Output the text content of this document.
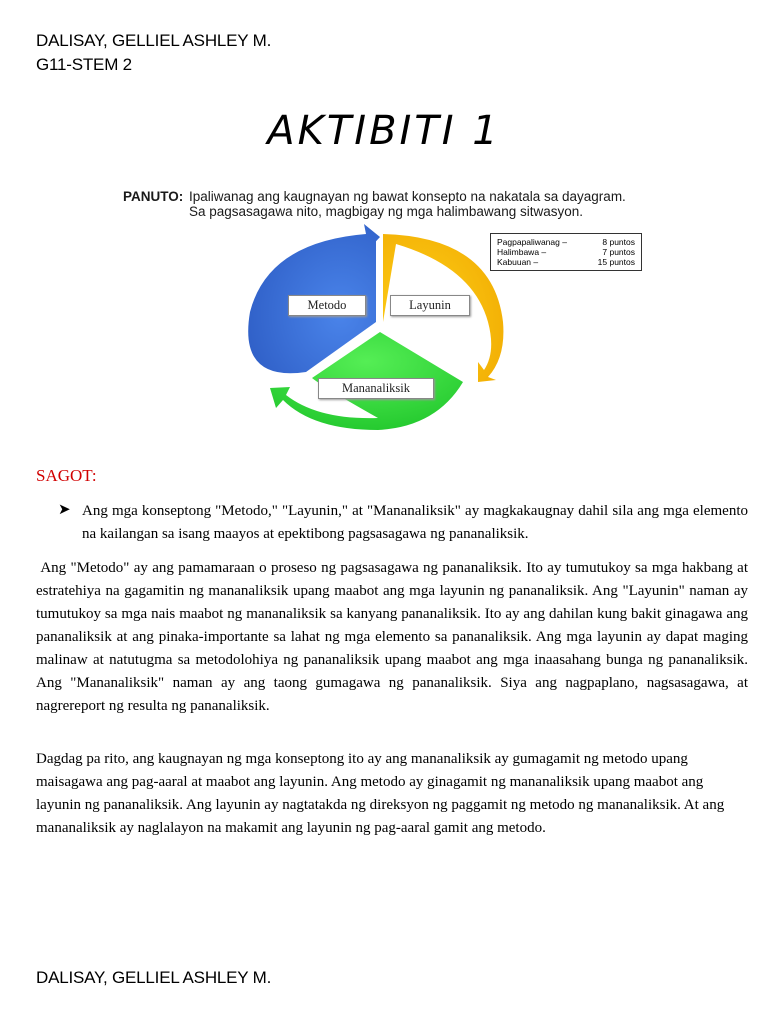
DALISAY, GELLIEL ASHLEY M.
G11-STEM 2
AKTIBITI 1
PANUTO: Ipaliwanag ang kaugnayan ng bawat konsepto na nakatala sa dayagram. Sa pagsasagawa nito, magbigay ng mga halimbawang sitwasyon.
Pagpapaliwanag –	8 puntos
Halimbawa –	7 puntos
Kabuuan –	15 puntos
Metodo	Layunin
Mananaliksik
SAGOT:
➤ Ang mga konseptong "Metodo," "Layunin," at "Mananaliksik" ay magkakaugnay dahil sila ang mga elemento na kailangan sa isang maayos at epektibong pagsasagawa ng pananaliksik.
Ang "Metodo" ay ang pamamaraan o proseso ng pagsasagawa ng pananaliksik. Ito ay tumutukoy sa mga hakbang at estratehiya na gagamitin ng mananaliksik upang maabot ang mga layunin ng pananaliksik. Ang "Layunin" naman ay tumutukoy sa mga nais maabot ng mananaliksik sa kanyang pananaliksik. Ito ay ang dahilan kung bakit ginagawa ang pananaliksik at ang pinaka-importante sa lahat ng mga elemento sa pananaliksik. Ang mga layunin ay dapat maging malinaw at natutugma sa metodolohiya ng pananaliksik upang maabot ang mga inaasahang bunga ng pananaliksik. Ang "Mananaliksik" naman ay ang taong gumagawa ng pananaliksik. Siya ang nagpaplano, nagsasagawa, at nagrereport ng resulta ng pananaliksik.
Dagdag pa rito, ang kaugnayan ng mga konseptong ito ay ang mananaliksik ay gumagamit ng metodo upang maisagawa ang pag-aaral at maabot ang layunin. Ang metodo ay ginagamit ng mananaliksik upang maabot ang layunin ng pananaliksik. Ang layunin ay nagtatakda ng direksyon ng paggamit ng metodo ng mananaliksik. At ang mananaliksik ay naglalayon na makamit ang layunin ng pag-aaral gamit ang metodo.
DALISAY, GELLIEL ASHLEY M.
